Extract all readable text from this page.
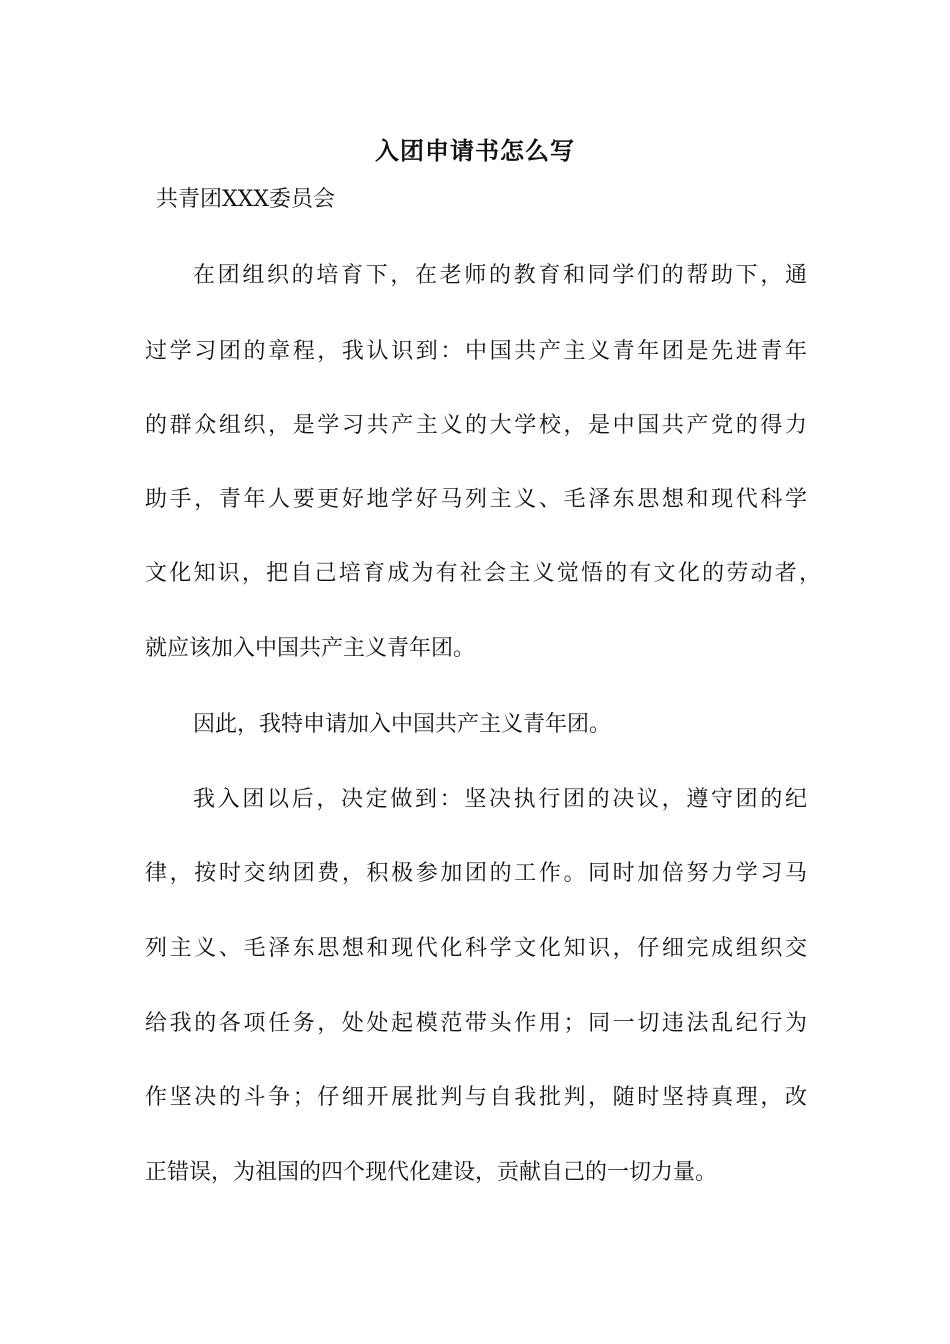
入团申请书怎么写
共青团XXX委员会
在团组织的培育下，在老师的教育和同学们的帮助下，通
过学习团的章程，我认识到：中国共产主义青年团是先进青年
的群众组织，是学习共产主义的大学校，是中国共产党的得力
助手，青年人要更好地学好马列主义、毛泽东思想和现代科学
文化知识，把自己培育成为有社会主义觉悟的有文化的劳动者，
就应该加入中国共产主义青年团。
因此，我特申请加入中国共产主义青年团。
我入团以后，决定做到：坚决执行团的决议，遵守团的纪
律，按时交纳团费，积极参加团的工作。同时加倍努力学习马
列主义、毛泽东思想和现代化科学文化知识，仔细完成组织交
给我的各项任务，处处起模范带头作用；同一切违法乱纪行为
作坚决的斗争；仔细开展批判与自我批判，随时坚持真理，改
正错误，为祖国的四个现代化建设，贡献自己的一切力量。
